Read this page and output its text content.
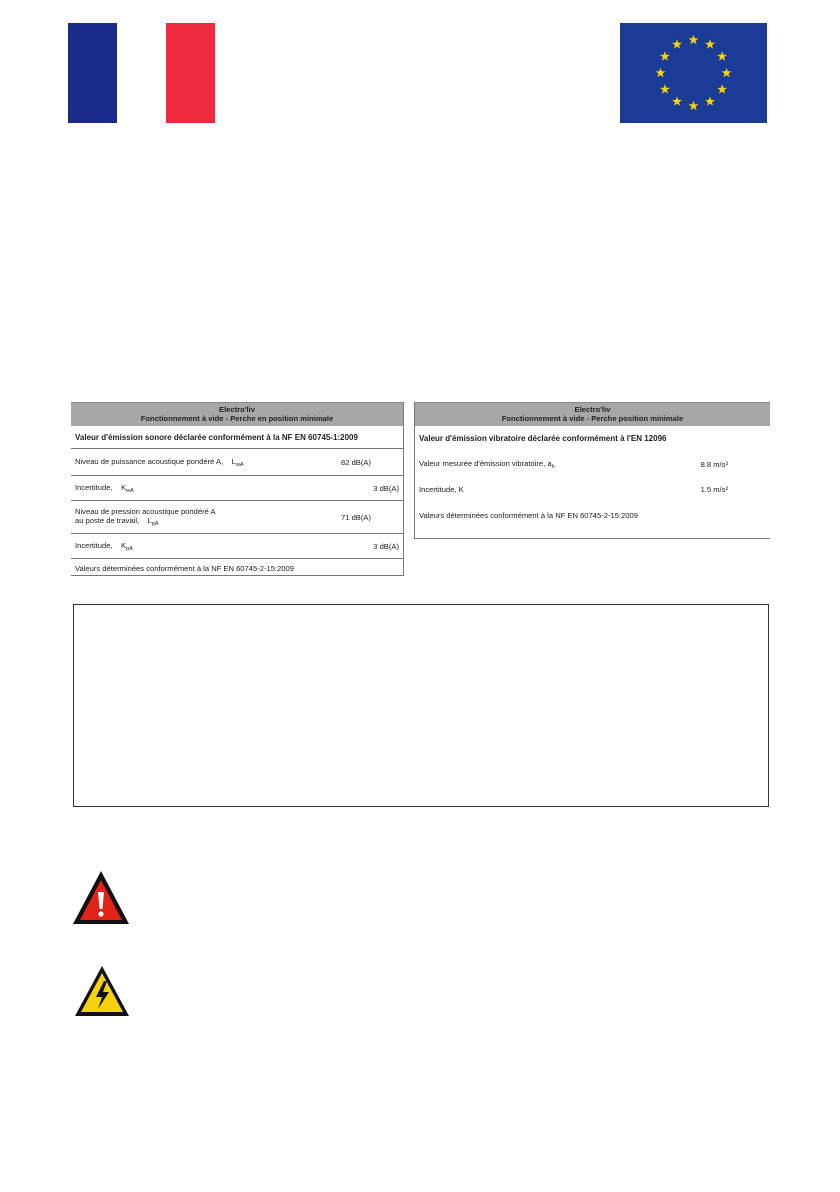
Electro'liv
Fonctionnement à vide - Perche en position minimale
Valeur d'émission sonore déclarée conformément à la NF EN 60745-1:2009
Niveau de puissance acoustique pondéré A, $L_{wA}$	82 dB(A)
Incertitude, $K_{wA}$	3 dB(A)
Niveau de pression acoustique pondéré A
au poste de travail, $L_{pA}$
71 dB(A)
Incertitude, $K_{pA}$	3 dB(A)
Valeurs déterminées conformément à la NF EN 60745-2-15:2009
Electro'liv
Fonctionnement à vide - Perche position minimale
Valeur d'émission vibratoire déclarée conformément à l'EN 12096
Valeur mesurée d'émission vibratoire, $a_h$	8.8 m/s²
Incertitude, K	1.5 m/s²
Valeurs déterminées conformément à la NF EN 60745-2-15:2009
